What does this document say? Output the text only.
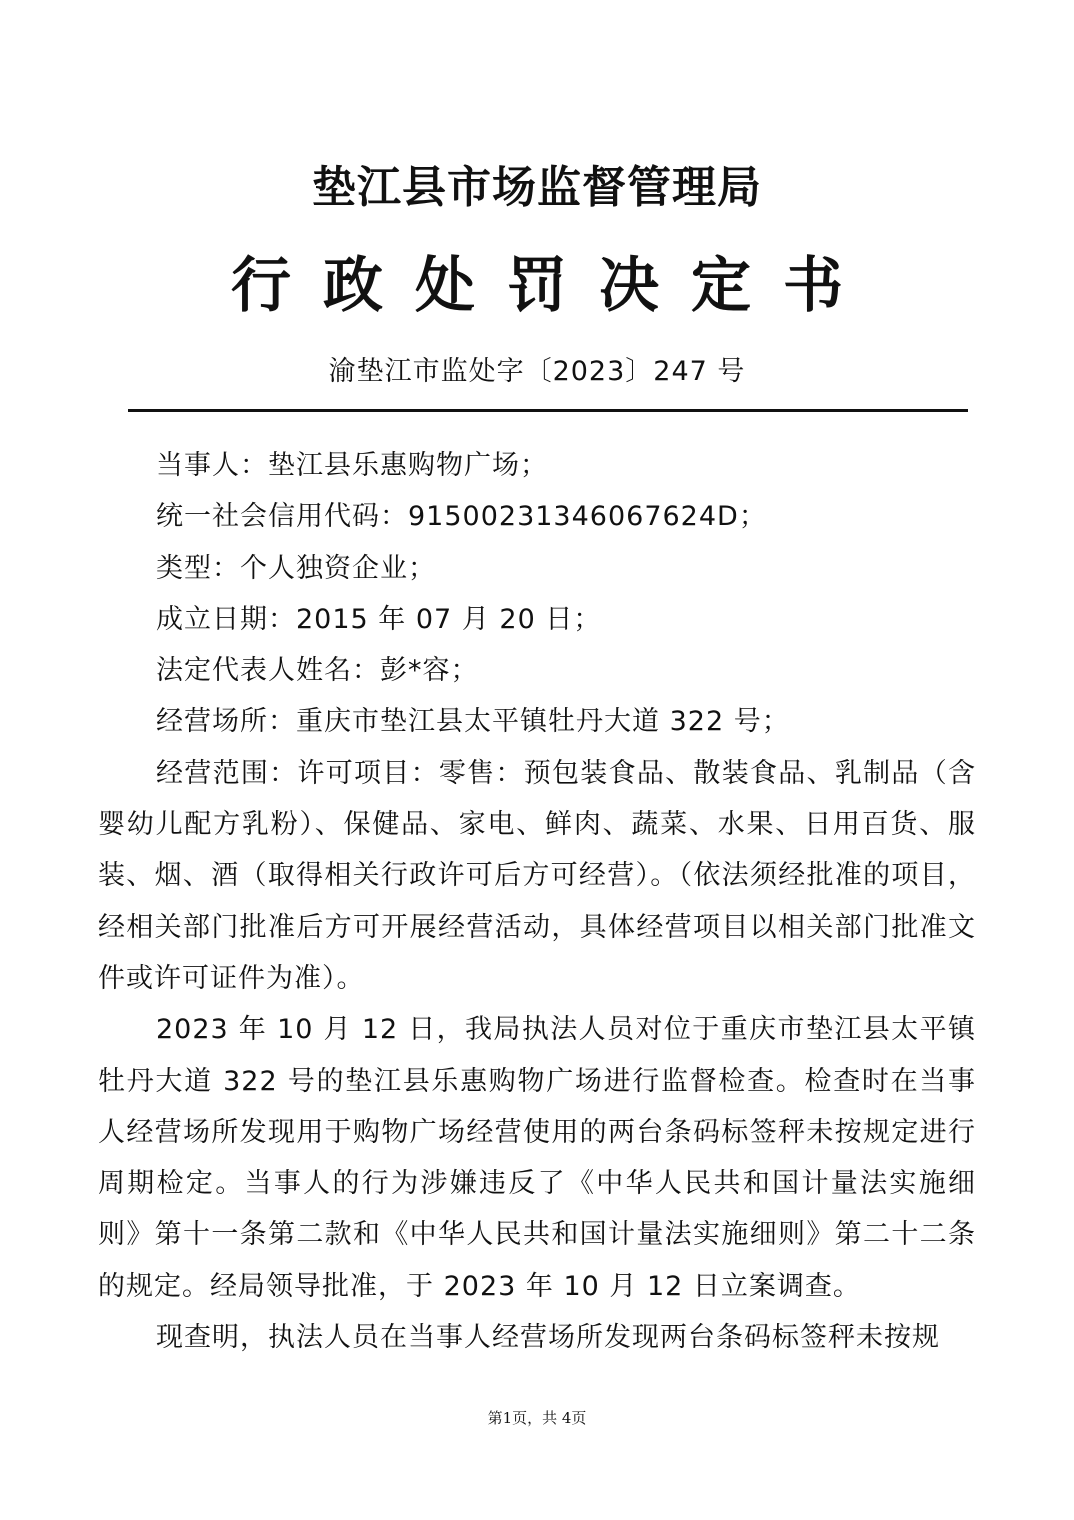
垫江县市场监督管理局
行政处罚决定书
渝垫江市监处字〔2023〕247 号

当事人：垫江县乐惠购物广场；

统一社会信用代码：91500231346067624D；

类型：个人独资企业；

成立日期：2015 年 07 月 20 日；

法定代表人姓名：彭*容；

经营场所：重庆市垫江县太平镇牡丹大道 322 号；

经营范围：许可项目：零售：预包装食品、散装食品、乳制品（含婴幼儿配方乳粉）、保健品、家电、鲜肉、蔬菜、水果、日用百货、服装、烟、酒（取得相关行政许可后方可经营）。（依法须经批准的项目，经相关部门批准后方可开展经营活动，具体经营项目以相关部门批准文件或许可证件为准）。

2023 年 10 月 12 日，我局执法人员对位于重庆市垫江县太平镇牡丹大道 322 号的垫江县乐惠购物广场进行监督检查。检查时在当事人经营场所发现用于购物广场经营使用的两台条码标签秤未按规定进行周期检定。当事人的行为涉嫌违反了《中华人民共和国计量法实施细则》第十一条第二款和《中华人民共和国计量法实施细则》第二十二条的规定。经局领导批准，于 2023 年 10 月 12 日立案调查。

现查明，执法人员在当事人经营场所发现两台条码标签秤未按规

第1页，共 4页
